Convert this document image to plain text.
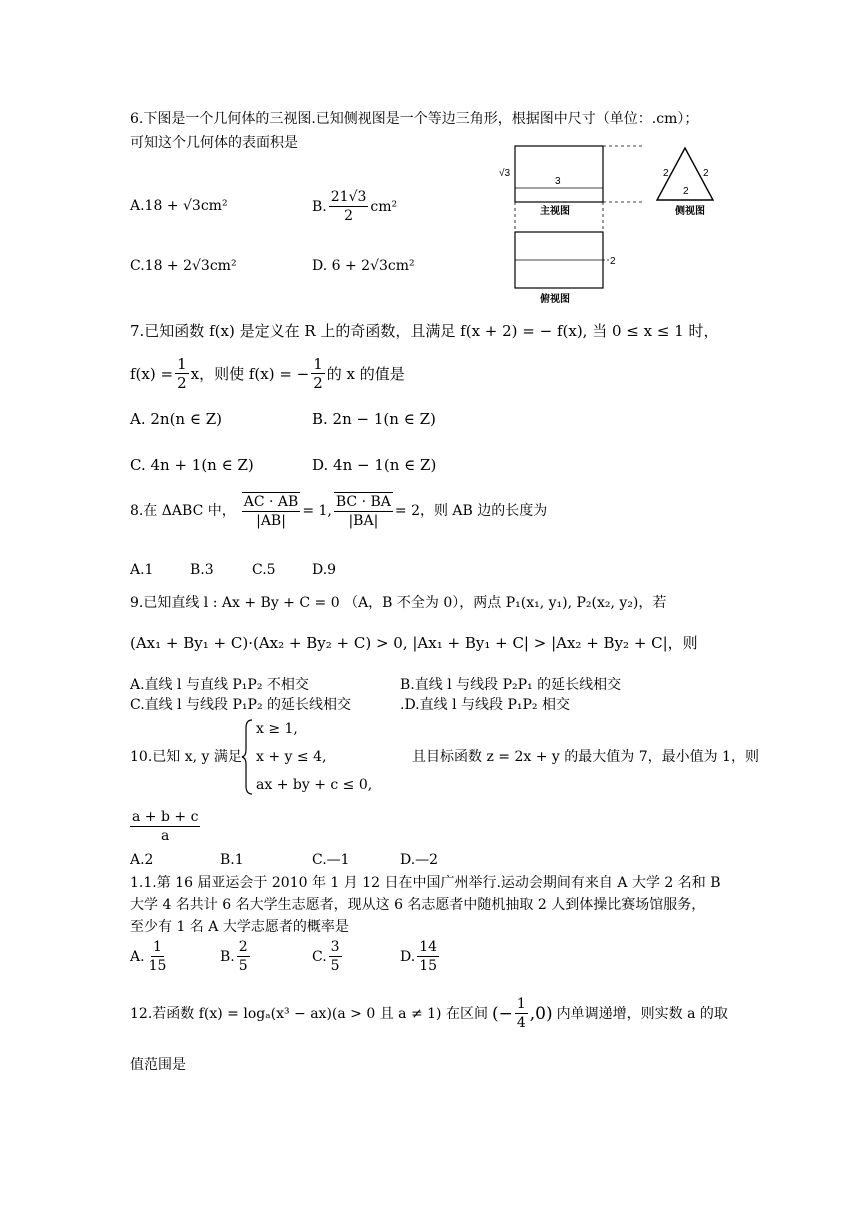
6.下图是一个几何体的三视图.已知侧视图是一个等边三角形，根据图中尺寸（单位：.cm）；
可知这个几何体的表面积是
A.18 + √3cm²	B. $\frac{21√3}{2} cm^2$
C.18 + 2√3cm²	D. 6 + 2√3cm²
√3
3
主视图
2	2
2
侧视图
2
俯视图
7.已知函数 f(x) 是定义在 R 上的奇函数，且满足 f(x + 2) = − f(x), 当 0 ≤ x ≤ 1 时，
$f(x) = \frac{1}{2}$ x，则使 f(x) = − $\frac{1}{2}$ 的 x 的值是
A. 2n(n ∈ Z)	B. 2n − 1(n ∈ Z)
C. 4n + 1(n ∈ Z)	D. 4n − 1(n ∈ Z)
8.在 ΔABC 中， $\frac{AC \cdot AB}{|AB|} = 1$, $\frac{BC \cdot BA}{|BA|} = 2$ ，则 AB 边的长度为
A.1	B.3	C.5	D.9
9.已知直线 l : Ax + By + C = 0 （A，B 不全为 0），两点 P₁(x₁, y₁), P₂(x₂, y₂)，若
(Ax₁ + By₁ + C)·(Ax₂ + By₂ + C) > 0, |Ax₁ + By₁ + C| > |Ax₂ + By₂ + C|，则
A.直线 l 与直线 P₁P₂ 不相交	B.直线 l 与线段 P₂P₁ 的延长线相交
C.直线 l 与线段 P₁P₂ 的延长线相交	.D.直线 l 与线段 P₁P₂ 相交
10.已知 x, y 满足
x ≥ 1,
x + y ≤ 4,
ax + by + c ≤ 0,
且目标函数 z = 2x + y 的最大值为 7，最小值为 1，则
$\frac{a + b + c}{a}$
A.2	B.1	C.—1	D.—2
1.1.第 16 届亚运会于 2010 年 1 月 12 日在中国广州举行.运动会期间有来自 A 大学 2 名和 B
大学 4 名共计 6 名大学生志愿者，现从这 6 名志愿者中随机抽取 2 人到体操比赛场馆服务，
至少有 1 名 A 大学志愿者的概率是
A. $\frac{1}{15}$	B. $\frac{2}{5}$	C. $\frac{3}{5}$	D. $\frac{14}{15}$
12.若函数 f(x) = logₐ(x³ − ax)(a > 0 且 a ≠ 1) 在区间 (− $\frac{1}{4} ,0$) 内单调递增，则实数 a 的取
值范围是
